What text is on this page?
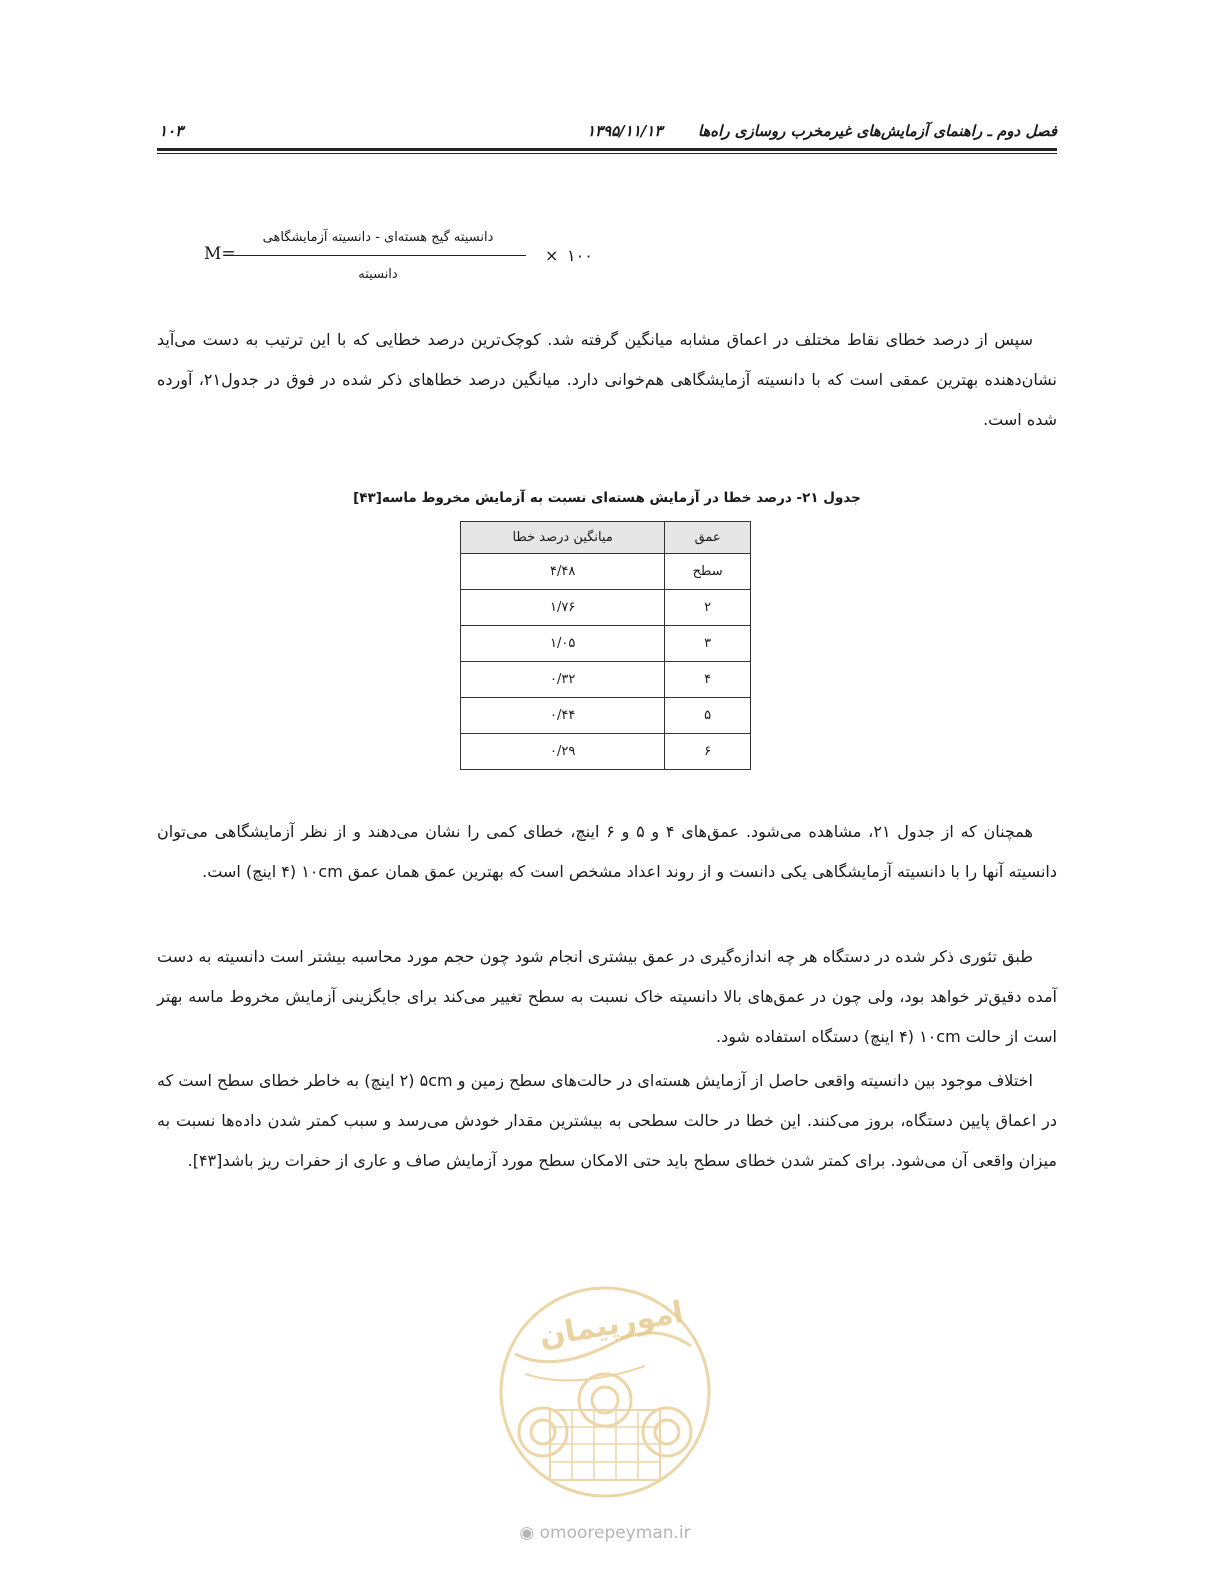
فصل دوم ـ راهنمای آزمایش‌های غیرمخرب روسازی راه‌ها
۱۳۹۵/۱۱/۱۳
۱۰۳
M=
دانسیته گیج هسته‌ای - دانسیته آزمایشگاهی
دانسیته
× ۱۰۰
سپس از درصد خطای نقاط مختلف در اعماق مشابه میانگین گرفته شد. کوچک‌ترین درصد خطایی که با این ترتیب به دست می‌آید نشان‌دهنده بهترین عمقی است که با دانسیته آزمایشگاهی هم‌خوانی دارد. میانگین درصد خطاهای ذکر شده در فوق در جدول۲۱، آورده شده است.
جدول ۲۱- درصد خطا در آزمایش هسته‌ای نسبت به آزمایش مخروط ماسه[۴۳]
عمق	میانگین درصد خطا
سطح	۴/۴۸
۲	۱/۷۶
۳	۱/۰۵
۴	۰/۳۲
۵	۰/۴۴
۶	۰/۲۹
همچنان که از جدول ۲۱، مشاهده می‌شود. عمق‌های ۴ و ۵ و ۶ اینچ، خطای کمی را نشان می‌دهند و از نظر آزمایشگاهی می‌توان دانسیته آنها را با دانسیته آزمایشگاهی یکی دانست و از روند اعداد مشخص است که بهترین عمق همان عمق ۱۰cm (۴ اینچ) است.
طبق تئوری ذکر شده در دستگاه هر چه اندازه‌گیری در عمق بیشتری انجام شود چون حجم مورد محاسبه بیشتر است دانسیته به دست آمده دقیق‌تر خواهد بود، ولی چون در عمق‌های بالا دانسیته خاک نسبت به سطح تغییر می‌کند برای جایگزینی آزمایش مخروط ماسه بهتر است از حالت ۱۰cm (۴ اینچ) دستگاه استفاده شود.
اختلاف موجود بین دانسیته واقعی حاصل از آزمایش هسته‌ای در حالت‌های سطح زمین و ۵cm (۲ اینچ) به خاطر خطای سطح است که در اعماق پایین دستگاه، بروز می‌کنند. این خطا در حالت سطحی به بیشترین مقدار خودش می‌رسد و سبب کمتر شدن داده‌ها نسبت به میزان واقعی آن می‌شود. برای کمتر شدن خطای سطح باید حتی الامکان سطح مورد آزمایش صاف و عاری از حفرات ریز باشد[۴۳].
امورپیمان
◉ omoorepeyman.ir
